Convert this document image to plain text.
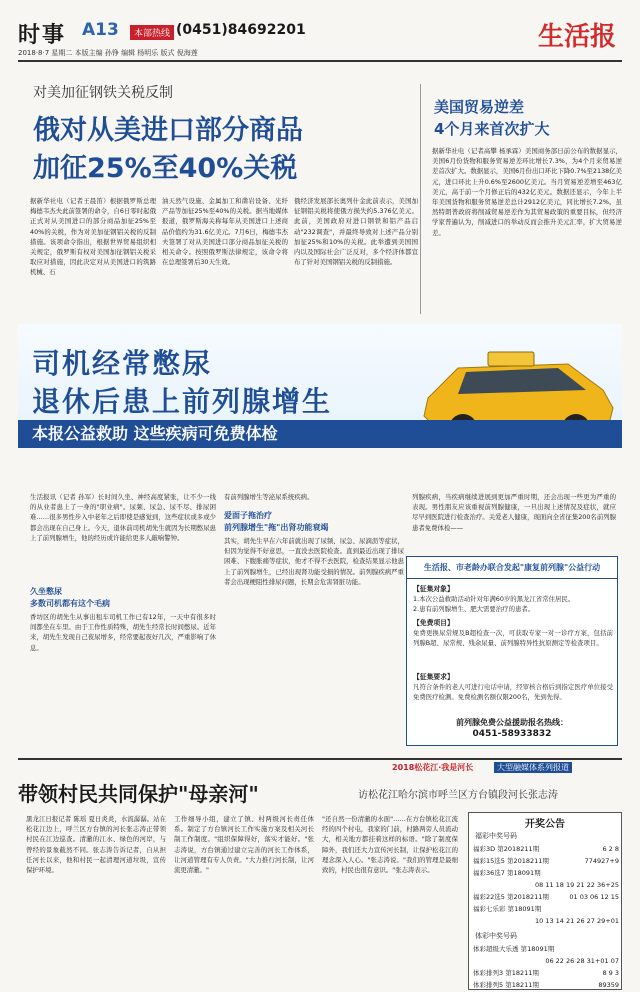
时事 A13	本部热线 (0451)84692201	生活报
2018·8·7 星期二 本版主编 孙铮 编辑 杨明乐 版式 倪海莲
对美加征钢铁关税反制
俄对从美进口部分商品
加征25%至40%关税
据新华社电（记者王晨笛）根据俄罗斯总理梅德韦杰夫此前签署的命令，自6日零时起俄正式对从美国进口的部分商品加征25%至40%的关税，作为对美加征钢铝关税的反制措施。该项命令指出，根据世界贸易组织相关规定，俄罗斯有权对美国加征钢铝关税采取应对措施，因此决定对从美国进口的筑路机械、石
油天然气设施、金属加工和凿岩设备、光纤产品等加征25%至40%的关税。据当地媒体报道，俄罗斯海关称每年从美国进口上述商品价值约为31.6亿美元。7月6日，梅德韦杰夫签署了对从美国进口部分商品加征关税的相关命令。按照俄罗斯法律规定，该命令将在总理签署后30天生效。
俄经济发展部长奥列什金此前表示，美国加征钢铝关税将使俄方损失约5.376亿美元。此前，美国政府对进口钢铁和铝产品启动"232调查"，并最终导致对上述产品分别加征25%和10%的关税。此举遭到美国国内以及国际社会广泛反对，多个经济体都宣布了针对美国钢铝关税的反制措施。
美国贸易逆差
4个月来首次扩大
据新华社电（记者高攀 杨承霖）美国商务部日前公布的数据显示，美国6月份货物和服务贸易逆差环比增长7.3%，为4个月来贸易逆差首次扩大。数据显示，美国6月份出口环比下降0.7%至2138亿美元，进口环比上升0.6%至2600亿美元。当月贸易逆差增至463亿美元，高于前一个月修正后的432亿美元。数据还显示，今年上半年美国货物和服务贸易逆差总计2912亿美元，同比增长7.2%。虽然特朗普政府将削减贸易逆差作为其贸易政策的重要目标，但经济学家普遍认为，削减进口的举动反而会推升美元汇率，扩大贸易逆差。
司机经常憋尿
退休后患上前列腺增生
本报公益救助 这些疾病可免费体检
生活报讯（记者 孙军）长时间久坐、神经高度紧张，让不少一线的从业者患上了一身的"职业病"。尿频、尿急、尿不尽、排尿困难……很多男性步入中老年之后即使是感觉到，这些症状或多或少都会出现在自己身上。今天，退休前司机胡先生就因为长期憋尿患上了前列腺增生，他的经历或许能给更多人敲响警钟。
久坐憋尿
多数司机都有这个毛病
香坊区的胡先生从事出租车司机工作已有12年，一天中有很多时间都坐在车里。由于工作性质特殊，胡先生经常长时间憋尿。近年来，胡先生发现自己夜尿增多，经常要起夜好几次，严重影响了休息。
有前列腺增生等泌尿系统疾病。
爱面子拖治疗
前列腺增生"拖"出肾功能衰竭
其实，胡先生早在六年前就出现了尿频、尿急、尿滴沥等症状，但因为觉得不好意思，一直没去医院检查。直到最近出现了排尿困难、下腹胀痛等症状，他才不得不去医院，检查结果显示他患上了前列腺增生，已经出现肾功能受损的情况。前列腺疾病严重者会出现梗阻性排尿问题，长期会危害肾脏功能。
列腺疾病，当疾病继续进展到更加严重时期，还会出现一些更为严重的表现。男性朋友应该重视前列腺健康，一旦出现上述情况及症状，就应尽早到医院进行检查治疗。关爱老人健康，现面向全省征集200名前列腺患者免费体检——
生活报、市老龄办联合发起"康复前列腺"公益行动
【征集对象】
1.本次公益救助活动针对年满60岁的黑龙江省常住居民。
2.患有前列腺增生、肥大需要治疗的患者。
【免费项目】
免费更换尿常规及B超检查一次，可获取专家一对一诊疗方案，包括前列腺B超、尿常规、残余尿量、前列腺特异性抗原测定等检查项目。
【征集要求】
凡符合条件的老人可进行电话申请，经审核合格后到指定医疗单位接受免费医疗检测。免费检测名额仅限200名，先到先得。
前列腺免费公益援助报名热线：
0451-58933832
2018松花江·我是河长	大型融媒体系列报道
带领村民共同保护"母亲河"	访松花江哈尔滨市呼兰区方台镇段河长张志涛
黑龙江日报记者 陈瑶 夏日炎炎，水流潺潺。站在松花江边上，呼兰区方台镇的河长张志涛正带领村民在江边巡查。清澈的江水、绿色的河岸，与曾经的景象截然不同。张志涛告诉记者，自从担任河长以来，他和村民一起清理河道垃圾，宣传保护环境。
工作细导小组，建立了镇、村两级河长责任体系。制定了方台镇河长工作实施方案及相关河长制工作制度。"组织保障得好，落实才能好。"张志涛说，方台镇通过建立完善的河长工作体系，让河道管理有专人负责。"大力推行河长制，让河流更清澈。"
"还自然一份清澈的水面"……在方台镇松花江流经的四个村屯，我家的门前，村路两旁人员流动大，相关地方都挂着这样的标语。"除了制度保障外，我们还大力宣传河长制，让保护松花江的理念深入人心。"张志涛说。"我们的管理是最细致的，村民也很有意识。"张志涛表示。
开奖公告
福彩中奖号码
福彩3D 第2018211期	6 2 8
福彩15选5 第2018211期	774927+9
福彩36选7 第18091期
08 11 18 19 21 22 36+25
福彩22选5 第2018211期	01 03 06 12 15
福彩七乐彩 第18091期
10 13 14 21 26 27 29+01
体彩中奖号码
体彩超级大乐透 第18091期
06 22 26 28 31+01 07
体彩排列3 第18211期	8 9 3
体彩排列5 第18211期	89359
